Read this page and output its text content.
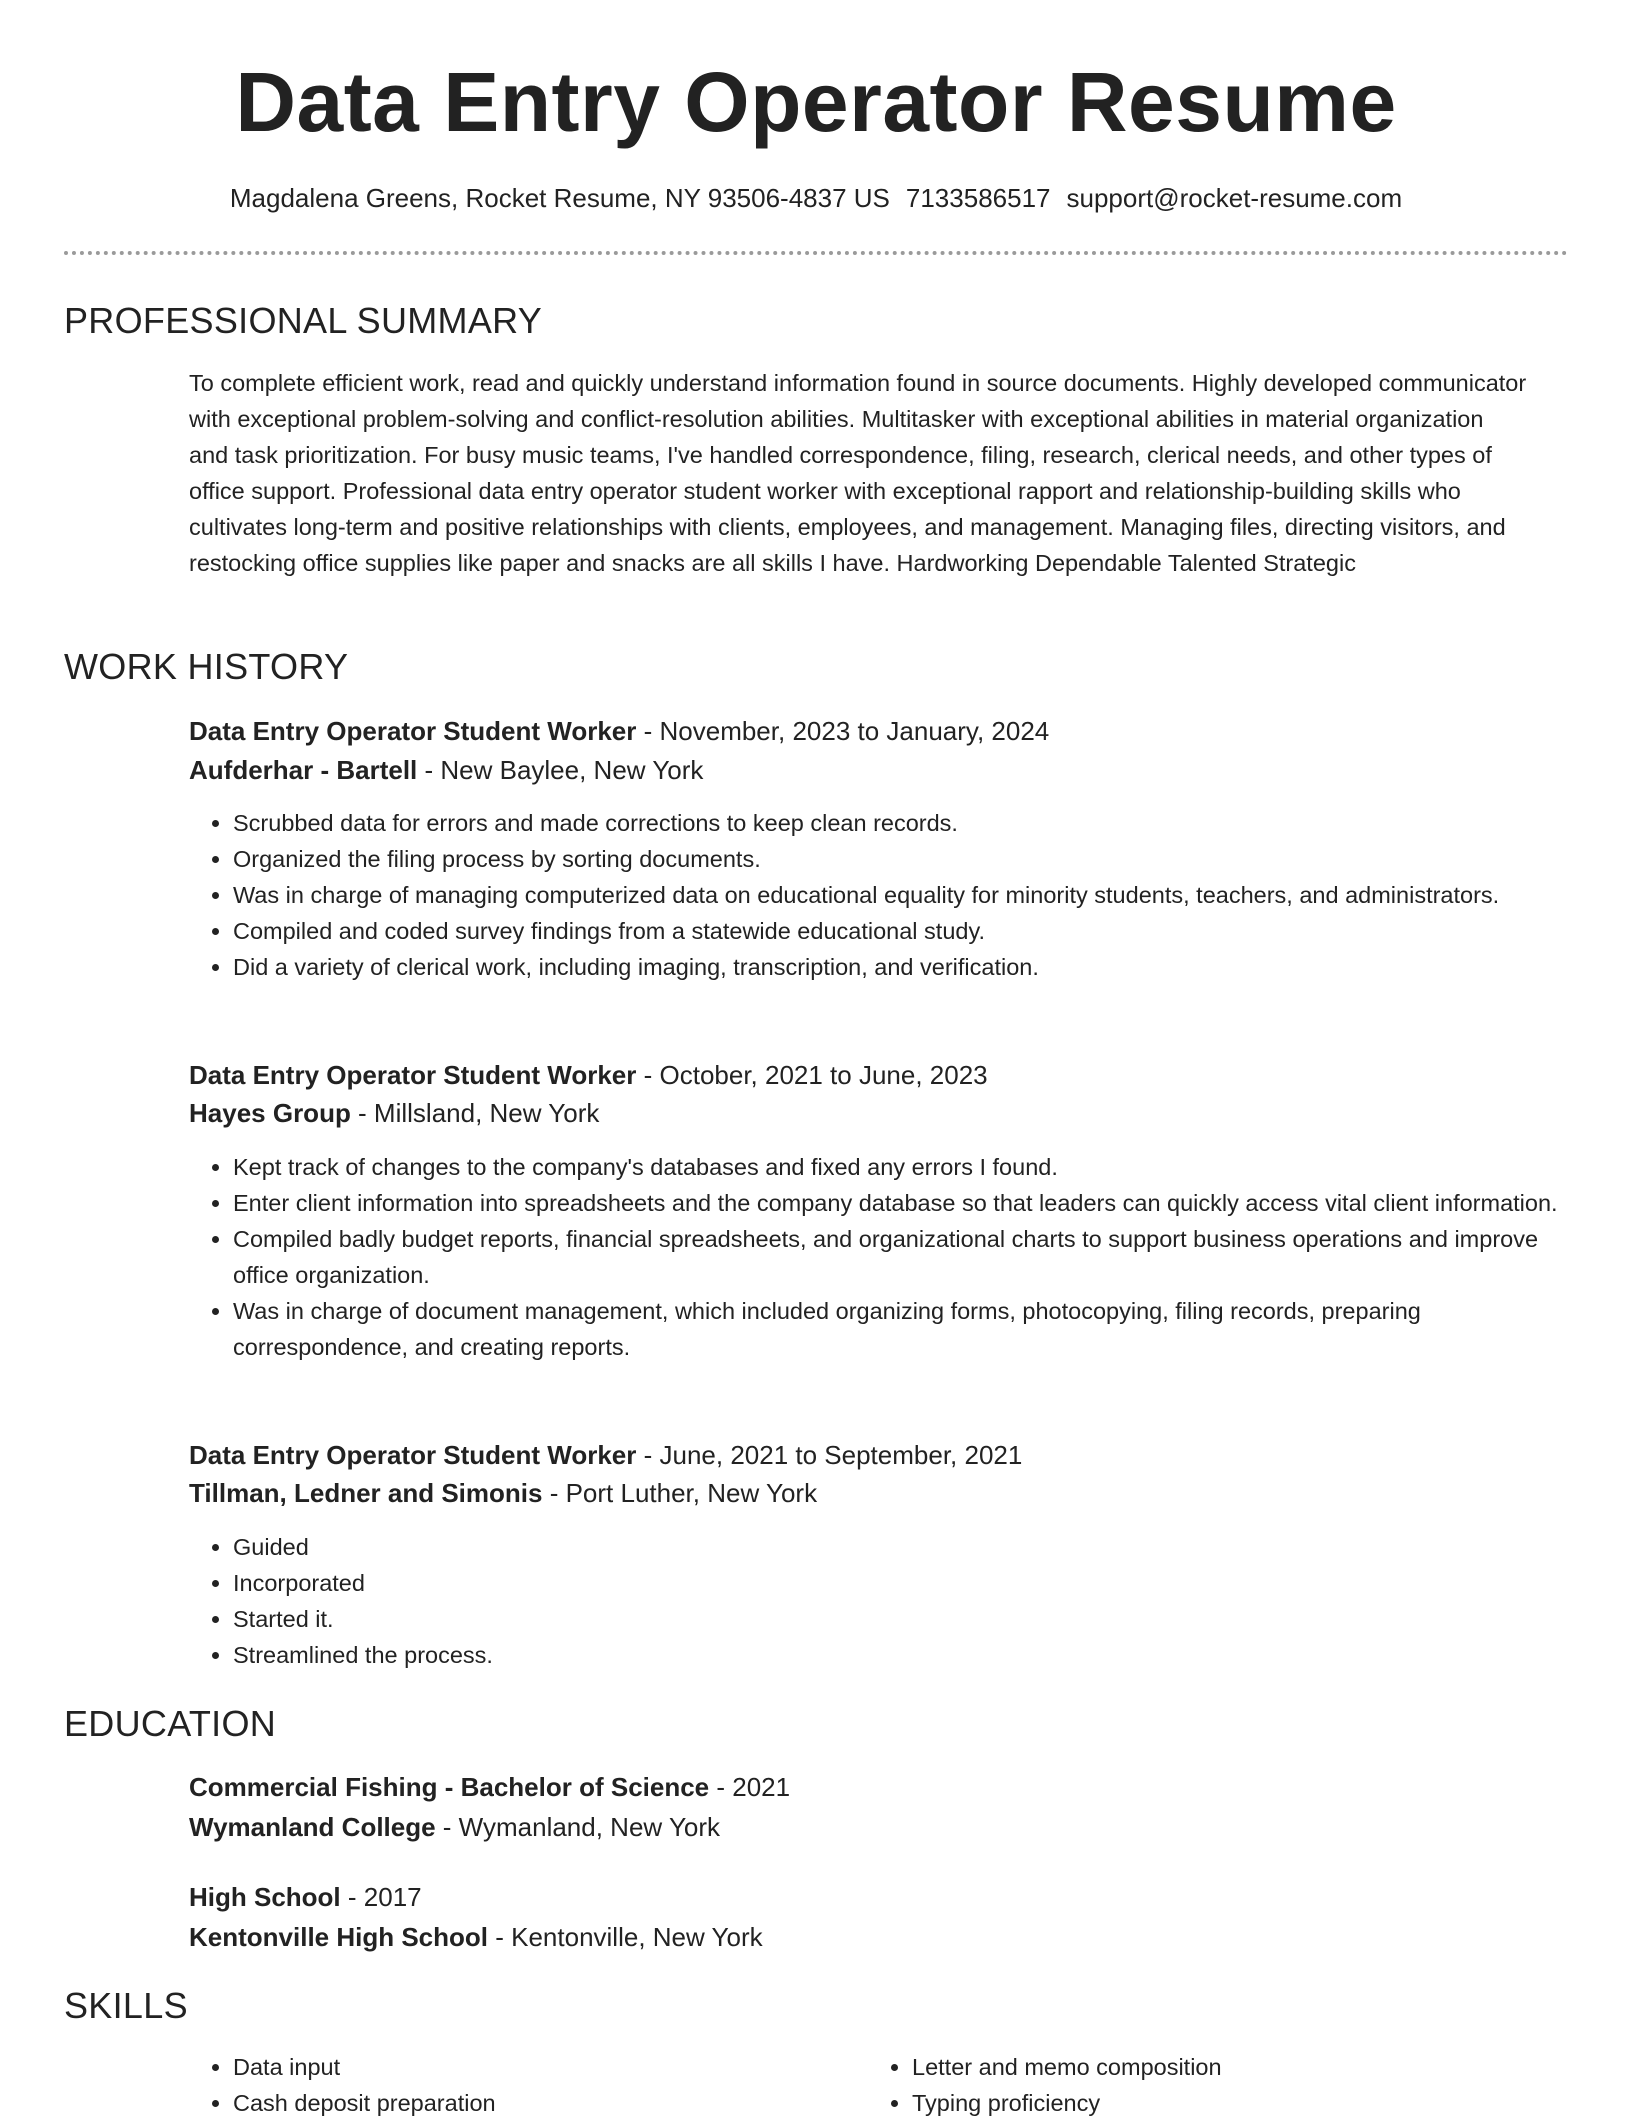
Data Entry Operator Resume
Magdalena Greens, Rocket Resume, NY 93506-4837 US 7133586517 support@rocket-resume.com
PROFESSIONAL SUMMARY
To complete efficient work, read and quickly understand information found in source documents. Highly developed communicator with exceptional problem-solving and conflict-resolution abilities. Multitasker with exceptional abilities in material organization and task prioritization. For busy music teams, I've handled correspondence, filing, research, clerical needs, and other types of office support. Professional data entry operator student worker with exceptional rapport and relationship-building skills who cultivates long-term and positive relationships with clients, employees, and management. Managing files, directing visitors, and restocking office supplies like paper and snacks are all skills I have. Hardworking Dependable Talented Strategic
WORK HISTORY
Data Entry Operator Student Worker - November, 2023 to January, 2024
Aufderhar - Bartell - New Baylee, New York
• Scrubbed data for errors and made corrections to keep clean records.
• Organized the filing process by sorting documents.
• Was in charge of managing computerized data on educational equality for minority students, teachers, and administrators.
• Compiled and coded survey findings from a statewide educational study.
• Did a variety of clerical work, including imaging, transcription, and verification.
Data Entry Operator Student Worker - October, 2021 to June, 2023
Hayes Group - Millsland, New York
• Kept track of changes to the company's databases and fixed any errors I found.
• Enter client information into spreadsheets and the company database so that leaders can quickly access vital client information.
• Compiled badly budget reports, financial spreadsheets, and organizational charts to support business operations and improve office organization.
• Was in charge of document management, which included organizing forms, photocopying, filing records, preparing correspondence, and creating reports.
Data Entry Operator Student Worker - June, 2021 to September, 2021
Tillman, Ledner and Simonis - Port Luther, New York
• Guided
• Incorporated
• Started it.
• Streamlined the process.
EDUCATION
Commercial Fishing - Bachelor of Science - 2021
Wymanland College - Wymanland, New York
High School - 2017
Kentonville High School - Kentonville, New York
SKILLS
• Data input
• Cash deposit preparation
• Letter and memo composition
• Typing proficiency
